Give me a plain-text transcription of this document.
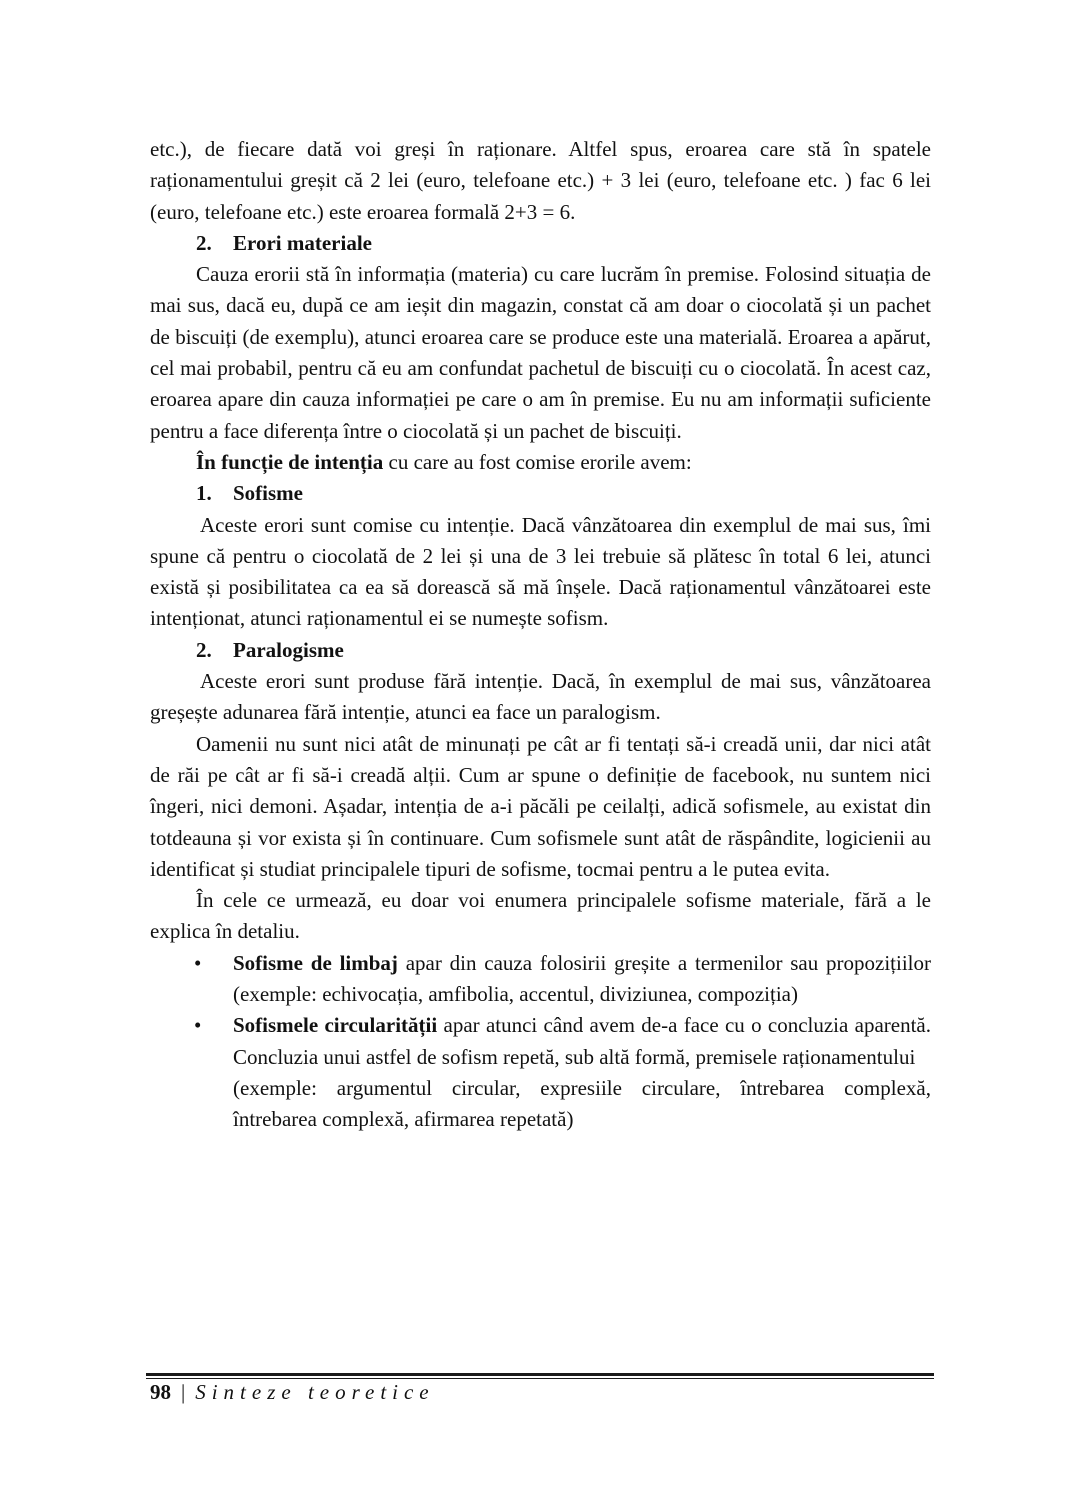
etc.), de fiecare dată voi greși în raționare. Altfel spus, eroarea care stă în spatele raționamentului greșit că 2 lei (euro, telefoane etc.) + 3 lei (euro, telefoane etc. ) fac 6 lei (euro, telefoane etc.) este eroarea formală 2+3 = 6.

2. Erori materiale

Cauza erorii stă în informația (materia) cu care lucrăm în premise. Folosind situația de mai sus, dacă eu, după ce am ieșit din magazin, constat că am doar o ciocolată și un pachet de biscuiți (de exemplu), atunci eroarea care se produce este una materială. Eroarea a apărut, cel mai probabil, pentru că eu am confundat pachetul de biscuiți cu o ciocolată. În acest caz, eroarea apare din cauza informației pe care o am în premise. Eu nu am informații suficiente pentru a face diferența între o ciocolată și un pachet de biscuiți.

În funcție de intenția cu care au fost comise erorile avem:

1. Sofisme

Aceste erori sunt comise cu intenție. Dacă vânzătoarea din exemplul de mai sus, îmi spune că pentru o ciocolată de 2 lei și una de 3 lei trebuie să plătesc în total 6 lei, atunci există și posibilitatea ca ea să dorească să mă înșele. Dacă raționamentul vânzătoarei este intenționat, atunci raționamentul ei se numește sofism.

2. Paralogisme

Aceste erori sunt produse fără intenție. Dacă, în exemplul de mai sus, vânzătoarea greșește adunarea fără intenție, atunci ea face un paralogism.

Oamenii nu sunt nici atât de minunați pe cât ar fi tentați să-i creadă unii, dar nici atât de răi pe cât ar fi să-i creadă alții. Cum ar spune o definiție de facebook, nu suntem nici îngeri, nici demoni. Așadar, intenția de a-i păcăli pe ceilalți, adică sofismele, au existat din totdeauna și vor exista și în continuare. Cum sofismele sunt atât de răspândite, logicienii au identificat și studiat principalele tipuri de sofisme, tocmai pentru a le putea evita.

În cele ce urmează, eu doar voi enumera principalele sofisme materiale, fără a le explica în detaliu.

• Sofisme de limbaj apar din cauza folosirii greșite a termenilor sau propozițiilor (exemple: echivocația, amfibolia, accentul, diviziunea, compoziția)
• Sofismele circularității apar atunci când avem de-a face cu o concluzia aparentă. Concluzia unui astfel de sofism repetă, sub altă formă, premisele raționamentului
(exemple: argumentul circular, expresiile circulare, întrebarea complexă, întrebarea complexă, afirmarea repetată)
98 | Sinteze teoretice
